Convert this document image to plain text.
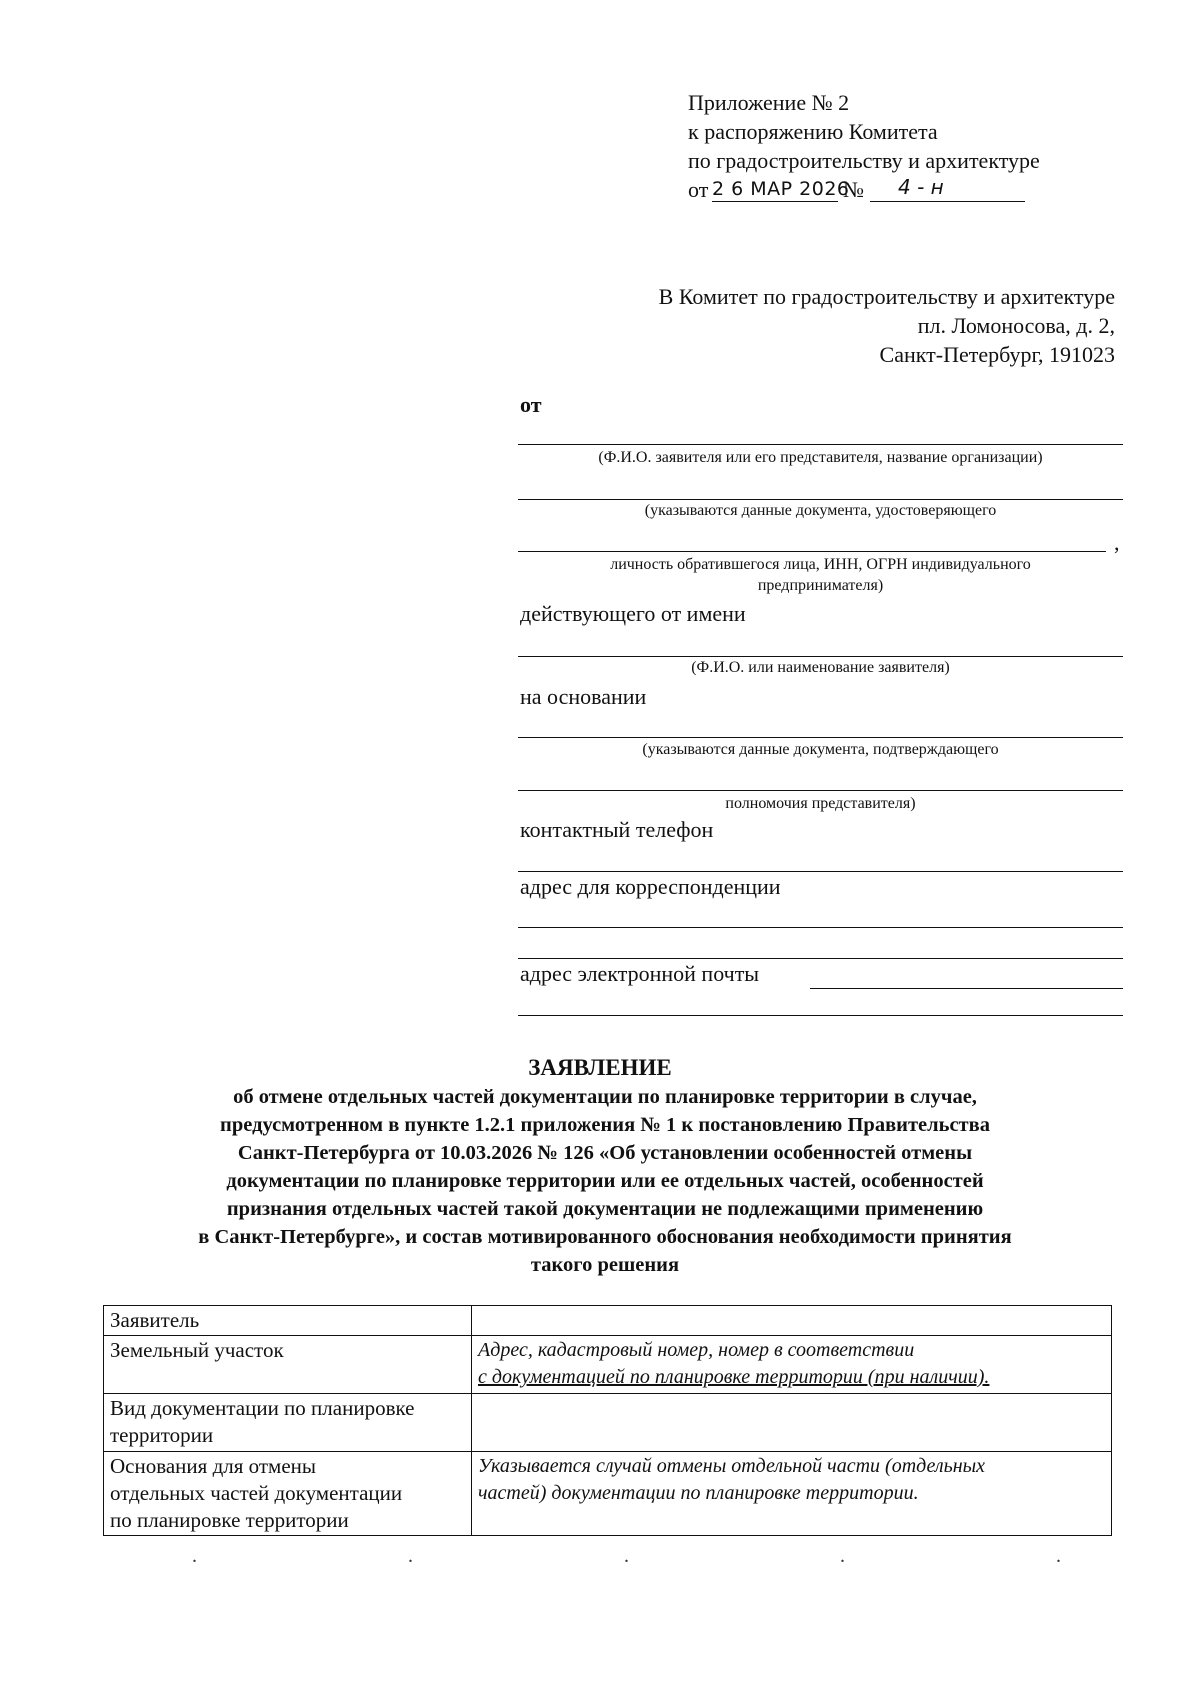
Приложение № 2
к распоряжению Комитета
по градостроительству и архитектуре
от 2 6 МАР 2026
№ 4 - н
В Комитет по градостроительству и архитектуре
пл. Ломоносова, д. 2,
Санкт-Петербург, 191023
от
(Ф.И.О. заявителя или его представителя, название организации)
(указываются данные документа, удостоверяющего
,
личность обратившегося лица, ИНН, ОГРН индивидуального
предпринимателя)
действующего от имени
(Ф.И.О. или наименование заявителя)
на основании
(указываются данные документа, подтверждающего
полномочия представителя)
контактный телефон
адрес для корреспонденции
адрес электронной почты
ЗАЯВЛЕНИЕ
об отмене отдельных частей документации по планировке территории в случае,
предусмотренном в пункте 1.2.1 приложения № 1 к постановлению Правительства
Санкт-Петербурга от 10.03.2026 № 126 «Об установлении особенностей отмены
документации по планировке территории или ее отдельных частей, особенностей
признания отдельных частей такой документации не подлежащими применению
в Санкт-Петербурге», и состав мотивированного обоснования необходимости принятия
такого решения
Заявитель	

Земельный участок	Адрес, кадастровый номер, номер в соответствии
с документацией по планировке территории (при наличии).

Вид документации по планировке
территории	

Основания для отмены
отдельных частей документации
по планировке территории	Указывается случай отмены отдельной части (отдельных
частей) документации по планировке территории.
.	.	.	.	.
